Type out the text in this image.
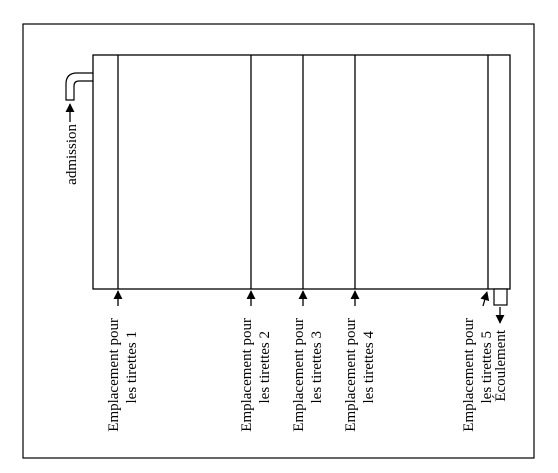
admission
Écoulement
Emplacement pour les tirettes 1	Emplacement pour les tirettes 2 Emplacement pour les tirettes 3 Emplacement pour les tirettes 4	Emplacement pour les tirettes 5
